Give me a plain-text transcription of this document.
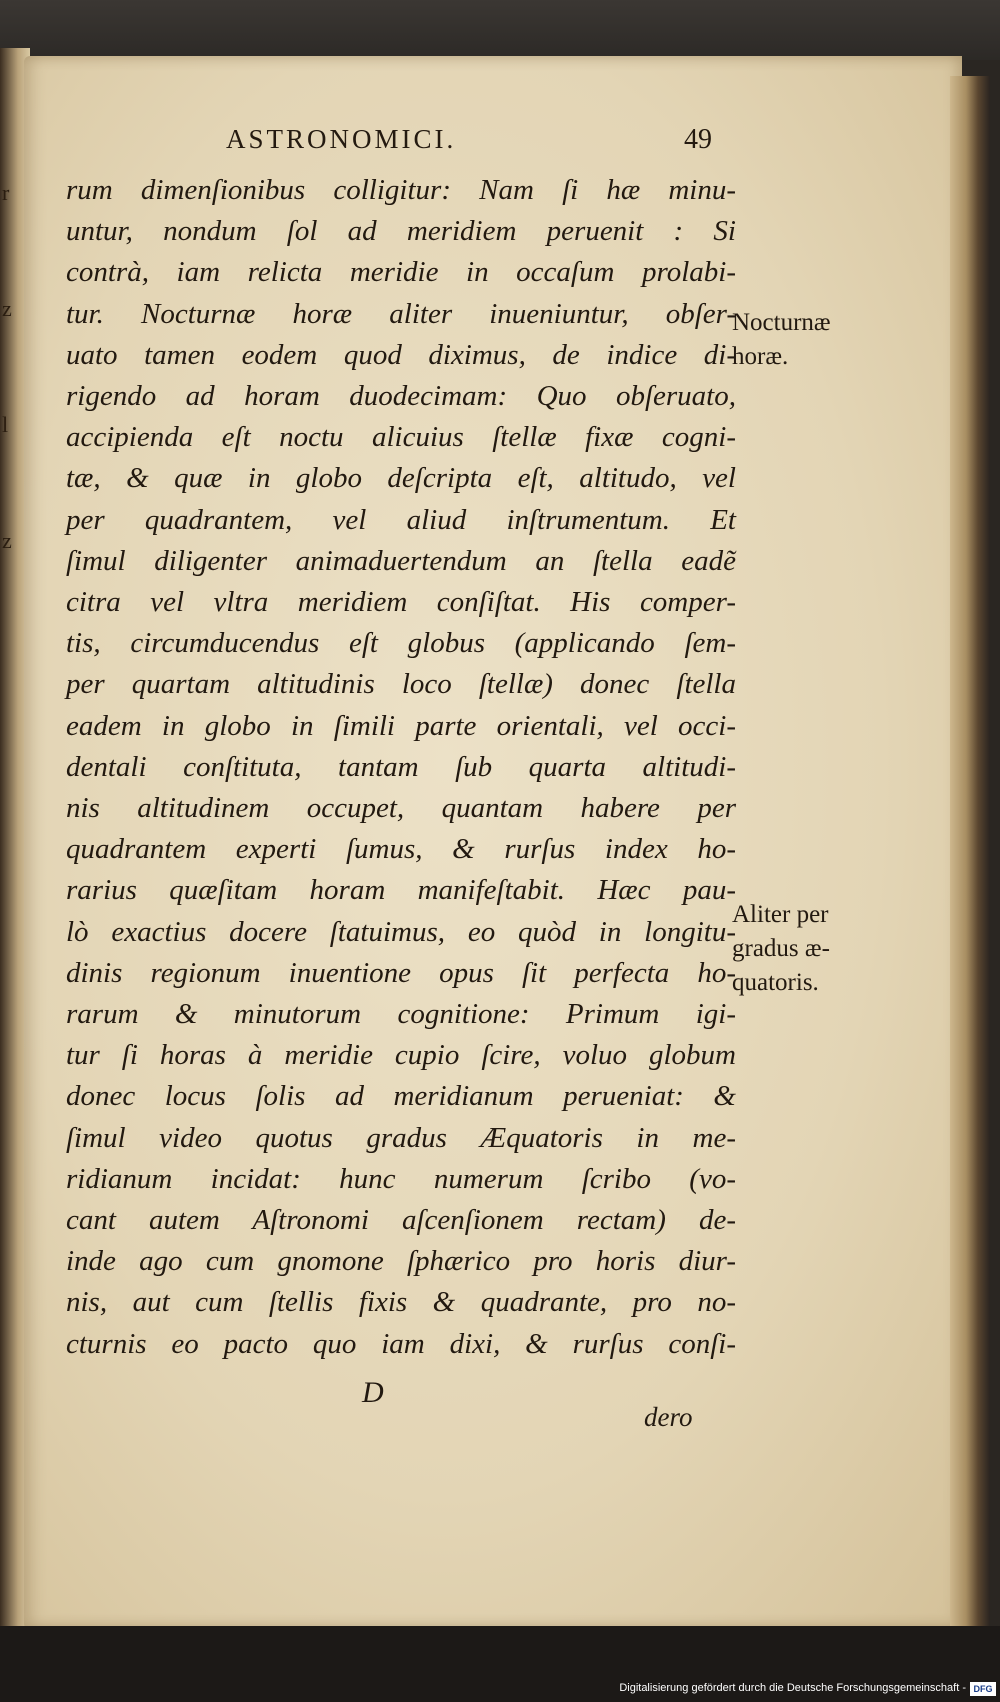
r
z
l
z
ASTRONOMICI.	49
rum dimenſionibus colligitur: Nam ſi hæ minu-
untur, nondum ſol ad meridiem peruenit : Si
contrà, iam relicta meridie in occaſum prolabi-
tur. Nocturnæ horæ aliter inueniuntur, obſer-
uato tamen eodem quod diximus, de indice di-
rigendo ad horam duodecimam: Quo obſeruato,
accipienda eſt noctu alicuius ſtellæ fixæ cogni-
tæ, & quæ in globo deſcripta eſt, altitudo, vel
per quadrantem, vel aliud inſtrumentum. Et
ſimul diligenter animaduertendum an ſtella eadẽ
citra vel vltra meridiem conſiſtat. His comper-
tis, circumducendus eſt globus (applicando ſem-
per quartam altitudinis loco ſtellæ) donec ſtella
eadem in globo in ſimili parte orientali, vel occi-
dentali conſtituta, tantam ſub quarta altitudi-
nis altitudinem occupet, quantam habere per
quadrantem experti ſumus, & rurſus index ho-
rarius quæſitam horam manifeſtabit. Hæc pau-
lò exactius docere ſtatuimus, eo quòd in longitu-
dinis regionum inuentione opus ſit perfecta ho-
rarum & minutorum cognitione: Primum igi-
tur ſi horas à meridie cupio ſcire, voluo globum
donec locus ſolis ad meridianum perueniat: &
ſimul video quotus gradus Æquatoris in me-
ridianum incidat: hunc numerum ſcribo (vo-
cant autem Aſtronomi aſcenſionem rectam) de-
inde ago cum gnomone ſphærico pro horis diur-
nis, aut cum ſtellis fixis & quadrante, pro no-
cturnis eo pacto quo iam dixi, & rurſus conſi-
D
dero
Nocturnæ
horæ.
Aliter per
gradus æ-
quatoris.
Digitalisierung gefördert durch die Deutsche Forschungsgemeinschaft - DFG
